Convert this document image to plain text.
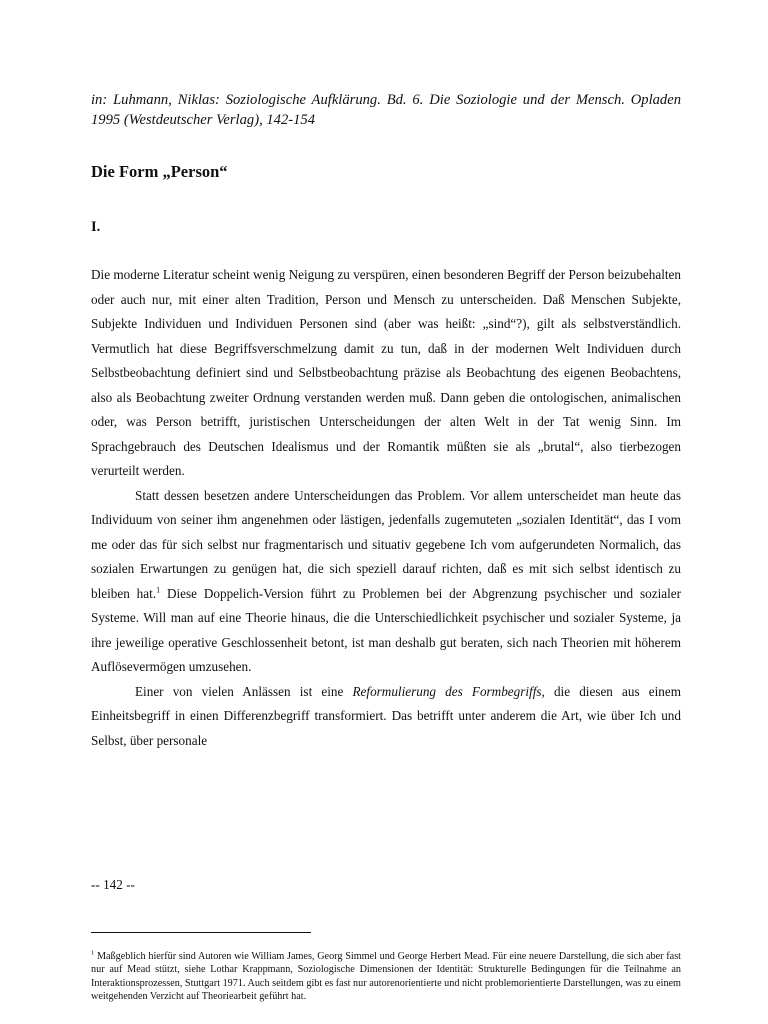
in: Luhmann, Niklas: Soziologische Aufklärung. Bd. 6. Die Soziologie und der Mensch. Opladen 1995 (Westdeutscher Verlag), 142-154
Die Form „Person“
I.

Die moderne Literatur scheint wenig Neigung zu verspüren, einen besonderen Begriff der Person beizubehalten oder auch nur, mit einer alten Tradition, Person und Mensch zu unterscheiden. Daß Menschen Subjekte, Subjekte Individuen und Individuen Personen sind (aber was heißt: „sind“?), gilt als selbstverständlich. Vermutlich hat diese Begriffsverschmelzung damit zu tun, daß in der modernen Welt Individuen durch Selbstbeobachtung definiert sind und Selbstbeobachtung präzise als Beobachtung des eigenen Beobachtens, also als Beobachtung zweiter Ordnung verstanden werden muß. Dann geben die ontologischen, animalischen oder, was Person betrifft, juristischen Unterscheidungen der alten Welt in der Tat wenig Sinn. Im Sprachgebrauch des Deutschen Idealismus und der Romantik müßten sie als „brutal“, also tierbezogen verurteilt werden.

Statt dessen besetzen andere Unterscheidungen das Problem. Vor allem unterscheidet man heute das Individuum von seiner ihm angenehmen oder lästigen, jedenfalls zugemuteten „sozialen Identität“, das I vom me oder das für sich selbst nur fragmentarisch und situativ gegebene Ich vom aufgerundeten Normalich, das sozialen Erwartungen zu genügen hat, die sich speziell darauf richten, daß es mit sich selbst identisch zu bleiben hat.$^1$ Diese Doppelich-Version führt zu Problemen bei der Abgrenzung psychischer und sozialer Systeme. Will man auf eine Theorie hinaus, die die Unterschiedlichkeit psychischer und sozialer Systeme, ja ihre jeweilige operative Geschlossenheit betont, ist man deshalb gut beraten, sich nach Theorien mit höherem Auflösevermögen umzusehen.

Einer von vielen Anlässen ist eine Reformulierung des Formbegriffs, die diesen aus einem Einheitsbegriff in einen Differenzbegriff transformiert. Das betrifft unter anderem die Art, wie über Ich und Selbst, über personale

-- 142 --
$^1$ Maßgeblich hierfür sind Autoren wie William James, Georg Simmel und George Herbert Mead. Für eine neuere Darstellung, die sich aber fast nur auf Mead stützt, siehe Lothar Krappmann, Soziologische Dimensionen der Identität: Strukturelle Bedingungen für die Teilnahme an Interaktionsprozessen, Stuttgart 1971. Auch seitdem gibt es fast nur autorenorientierte und nicht problemorientierte Darstellungen, was zu einem weitgehenden Verzicht auf Theoriearbeit geführt hat.
